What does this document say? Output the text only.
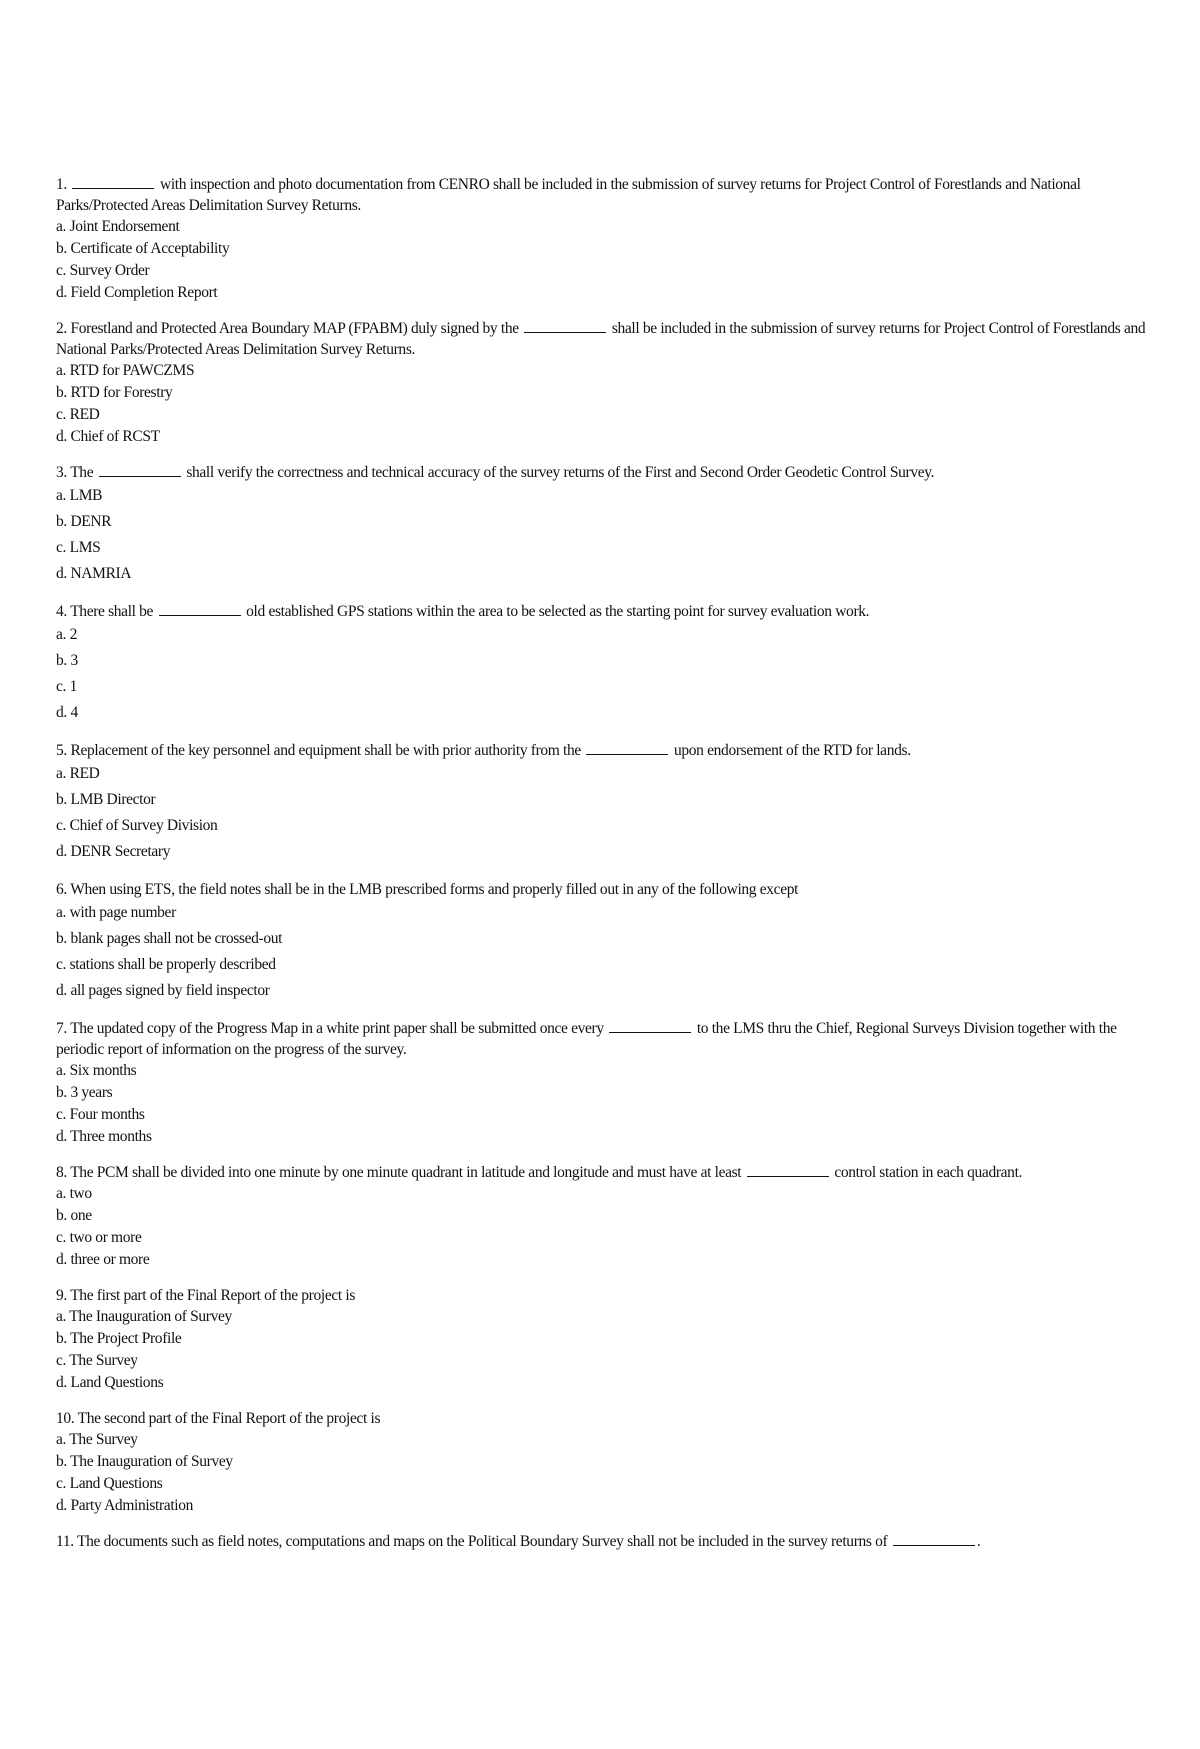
1.	with inspection and photo documentation from CENRO shall be included in the submission of survey returns for Project Control of Forestlands and National Parks/Protected Areas Delimitation Survey Returns.

a. Joint Endorsement
b. Certificate of Acceptability
c. Survey Order
d. Field Completion Report

2. Forestland and Protected Area Boundary MAP (FPABM) duly signed by the	shall be included in the submission of survey returns for Project Control of Forestlands and National Parks/Protected Areas Delimitation Survey Returns.

a. RTD for PAWCZMS
b. RTD for Forestry
c. RED
d. Chief of RCST

3. The	shall verify the correctness and technical accuracy of the survey returns of the First and Second Order Geodetic Control Survey.

a. LMB
b. DENR
c. LMS
d. NAMRIA

4. There shall be	old established GPS stations within the area to be selected as the starting point for survey evaluation work.

a. 2
b. 3
c. 1
d. 4

5. Replacement of the key personnel and equipment shall be with prior authority from the	upon endorsement of the RTD for lands.

a. RED
b. LMB Director
c. Chief of Survey Division
d. DENR Secretary

6. When using ETS, the field notes shall be in the LMB prescribed forms and properly filled out in any of the following except

a. with page number
b. blank pages shall not be crossed-out
c. stations shall be properly described
d. all pages signed by field inspector

7. The updated copy of the Progress Map in a white print paper shall be submitted once every	to the LMS thru the Chief, Regional Surveys Division together with the periodic report of information on the progress of the survey.

a. Six months
b. 3 years
c. Four months
d. Three months

8. The PCM shall be divided into one minute by one minute quadrant in latitude and longitude and must have at least	control station in each quadrant.

a. two
b. one
c. two or more
d. three or more

9. The first part of the Final Report of the project is

a. The Inauguration of Survey
b. The Project Profile
c. The Survey
d. Land Questions

10. The second part of the Final Report of the project is

a. The Survey
b. The Inauguration of Survey
c. Land Questions
d. Party Administration

11. The documents such as field notes, computations and maps on the Political Boundary Survey shall not be included in the survey returns of	.
